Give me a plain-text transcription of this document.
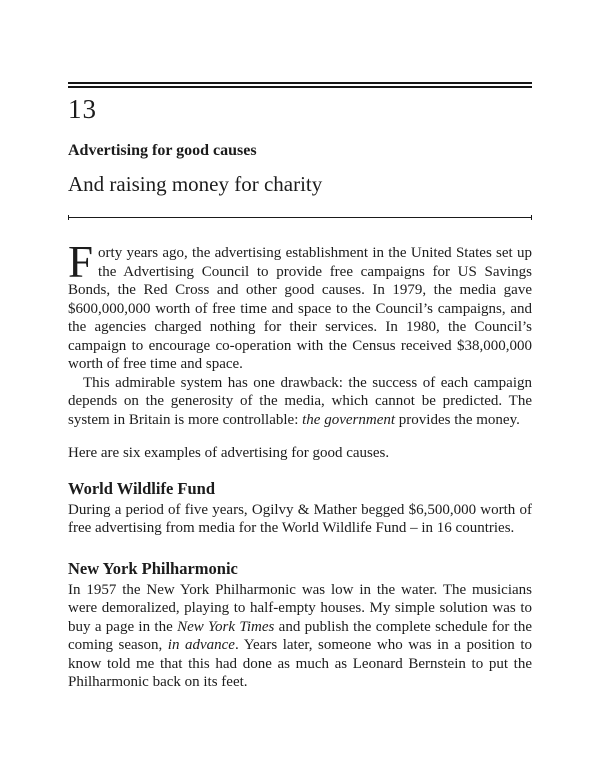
13
Advertising for good causes
And raising money for charity

Forty years ago, the advertising establishment in the United States set up the Advertising Council to provide free campaigns for US Savings Bonds, the Red Cross and other good causes. In 1979, the media gave $600,000,000 worth of free time and space to the Council’s campaigns, and the agencies charged nothing for their services. In 1980, the Council’s campaign to encourage co-operation with the Census received $38,000,000 worth of free time and space.

This admirable system has one drawback: the success of each campaign depends on the generosity of the media, which cannot be predicted. The system in Britain is more controllable: the government provides the money.

Here are six examples of advertising for good causes.

World Wildlife Fund

During a period of five years, Ogilvy & Mather begged $6,500,000 worth of free advertising from media for the World Wildlife Fund – in 16 countries.

New York Philharmonic

In 1957 the New York Philharmonic was low in the water. The musicians were demoralized, playing to half-empty houses. My simple solution was to buy a page in the New York Times and publish the complete schedule for the coming season, in advance. Years later, someone who was in a position to know told me that this had done as much as Leonard Bernstein to put the Philharmonic back on its feet.
